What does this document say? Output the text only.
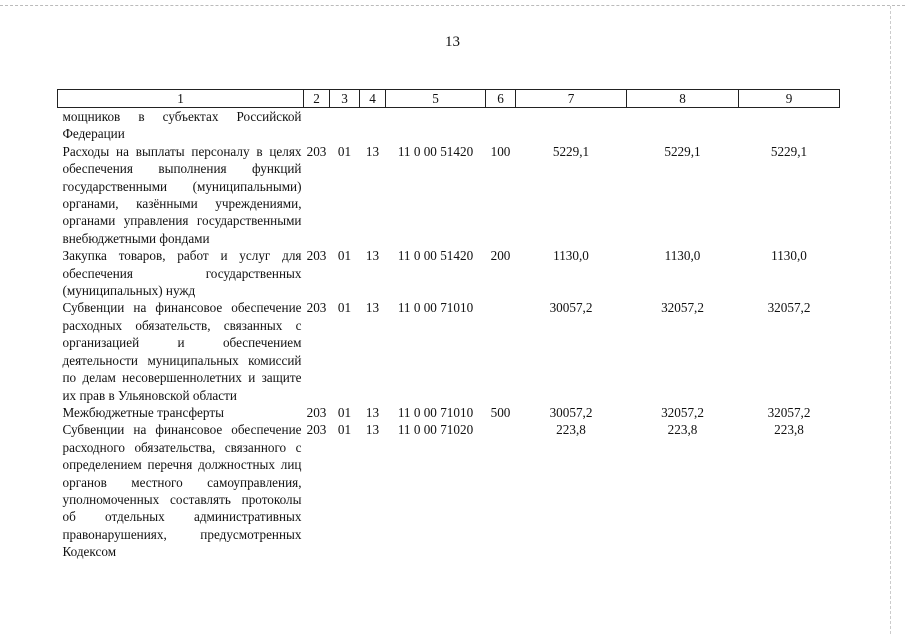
13
1	2	3	4	5	6	7	8	9
мощников в субъектах Российской Федерации								
Расходы на выплаты персоналу в целях обеспечения выполнения функций государственными (муниципальными) органами, казёнными учреждениями, органами управления государственными внебюджетными фондами	203	01	13	11 0 00 51420	100	5229,1	5229,1	5229,1
Закупка товаров, работ и услуг для обеспечения государственных (муниципальных) нужд	203	01	13	11 0 00 51420	200	1130,0	1130,0	1130,0
Субвенции на финансовое обеспечение расходных обязательств, связанных с организацией и обеспечением деятельности муниципальных комиссий по делам несовершеннолетних и защите их прав в Ульяновской области	203	01	13	11 0 00 71010		30057,2	32057,2	32057,2
Межбюджетные трансферты	203	01	13	11 0 00 71010	500	30057,2	32057,2	32057,2
Субвенции на финансовое обеспечение расходного обязательства, связанного с определением перечня должностных лиц органов местного самоуправления, уполномоченных составлять протоколы об отдельных административных правонарушениях, предусмотренных Кодексом	203	01	13	11 0 00 71020		223,8	223,8	223,8
